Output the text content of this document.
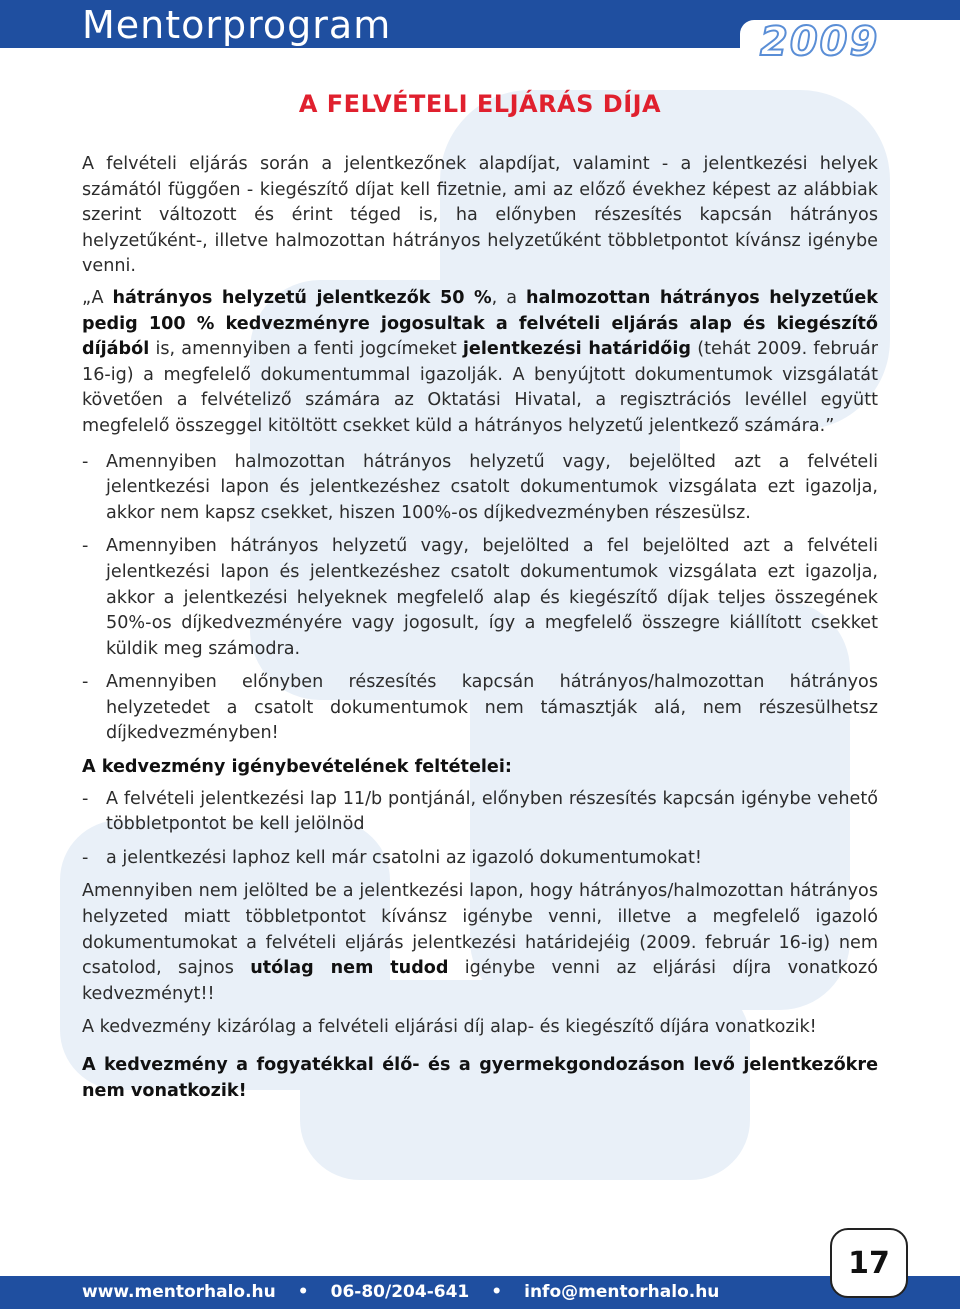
Mentorprogram	2009
A FELVÉTELI ELJÁRÁS DÍJA

A felvételi eljárás során a jelentkezőnek alapdíjat, valamint - a jelentkezési helyek számától függően - kiegészítő díjat kell fizetnie, ami az előző évekhez képest az alábbiak szerint változott és érint téged is, ha előnyben részesítés kapcsán hátrányos helyzetűként-, illetve halmozottan hátrányos helyzetűként többletpontot kívánsz igénybe venni.

„A hátrányos helyzetű jelentkezők 50 %, a halmozottan hátrányos helyzetűek pedig 100 % kedvezményre jogosultak a felvételi eljárás alap és kiegészítő díjából is, amennyiben a fenti jogcímeket jelentkezési határidőig (tehát 2009. február 16-ig) a megfelelő dokumentummal igazolják. A benyújtott dokumentumok vizsgálatát követően a felvételiző számára az Oktatási Hivatal, a regisztrációs levéllel együtt megfelelő összeggel kitöltött csekket küld a hátrányos helyzetű jelentkező számára.”

- Amennyiben halmozottan hátrányos helyzetű vagy, bejelölted azt a felvételi jelentkezési lapon és jelentkezéshez csatolt dokumentumok vizsgálata ezt igazolja, akkor nem kapsz csekket, hiszen 100%-os díjkedvezményben részesülsz.
- Amennyiben hátrányos helyzetű vagy, bejelölted a fel bejelölted azt a felvételi jelentkezési lapon és jelentkezéshez csatolt dokumentumok vizsgálata ezt igazolja, akkor a jelentkezési helyeknek megfelelő alap és kiegészítő díjak teljes összegének 50%-os díjkedvezményére vagy jogosult, így a megfelelő összegre kiállított csekket küldik meg számodra.
- Amennyiben előnyben részesítés kapcsán hátrányos/halmozottan hátrányos helyzetedet a csatolt dokumentumok nem támasztják alá, nem részesülhetsz díjkedvezményben!
A kedvezmény igénybevételének feltételei:
- A felvételi jelentkezési lap 11/b pontjánál, előnyben részesítés kapcsán igénybe vehető többletpontot be kell jelölnöd
- a jelentkezési laphoz kell már csatolni az igazoló dokumentumokat!

Amennyiben nem jelölted be a jelentkezési lapon, hogy hátrányos/halmozottan hátrányos helyzeted miatt többletpontot kívánsz igénybe venni, illetve a megfelelő igazoló dokumentumokat a felvételi eljárás jelentkezési határidejéig (2009. február 16-ig) nem csatolod, sajnos utólag nem tudod igénybe venni az eljárási díjra vonatkozó kedvezményt!!

A kedvezmény kizárólag a felvételi eljárási díj alap- és kiegészítő díjára vonatkozik!

A kedvezmény a fogyatékkal élő- és a gyermekgondozáson levő jelentkezőkre nem vonatkozik!

www.mentorhalo.hu • 06-80/204-641 • info@mentorhalo.hu
17
